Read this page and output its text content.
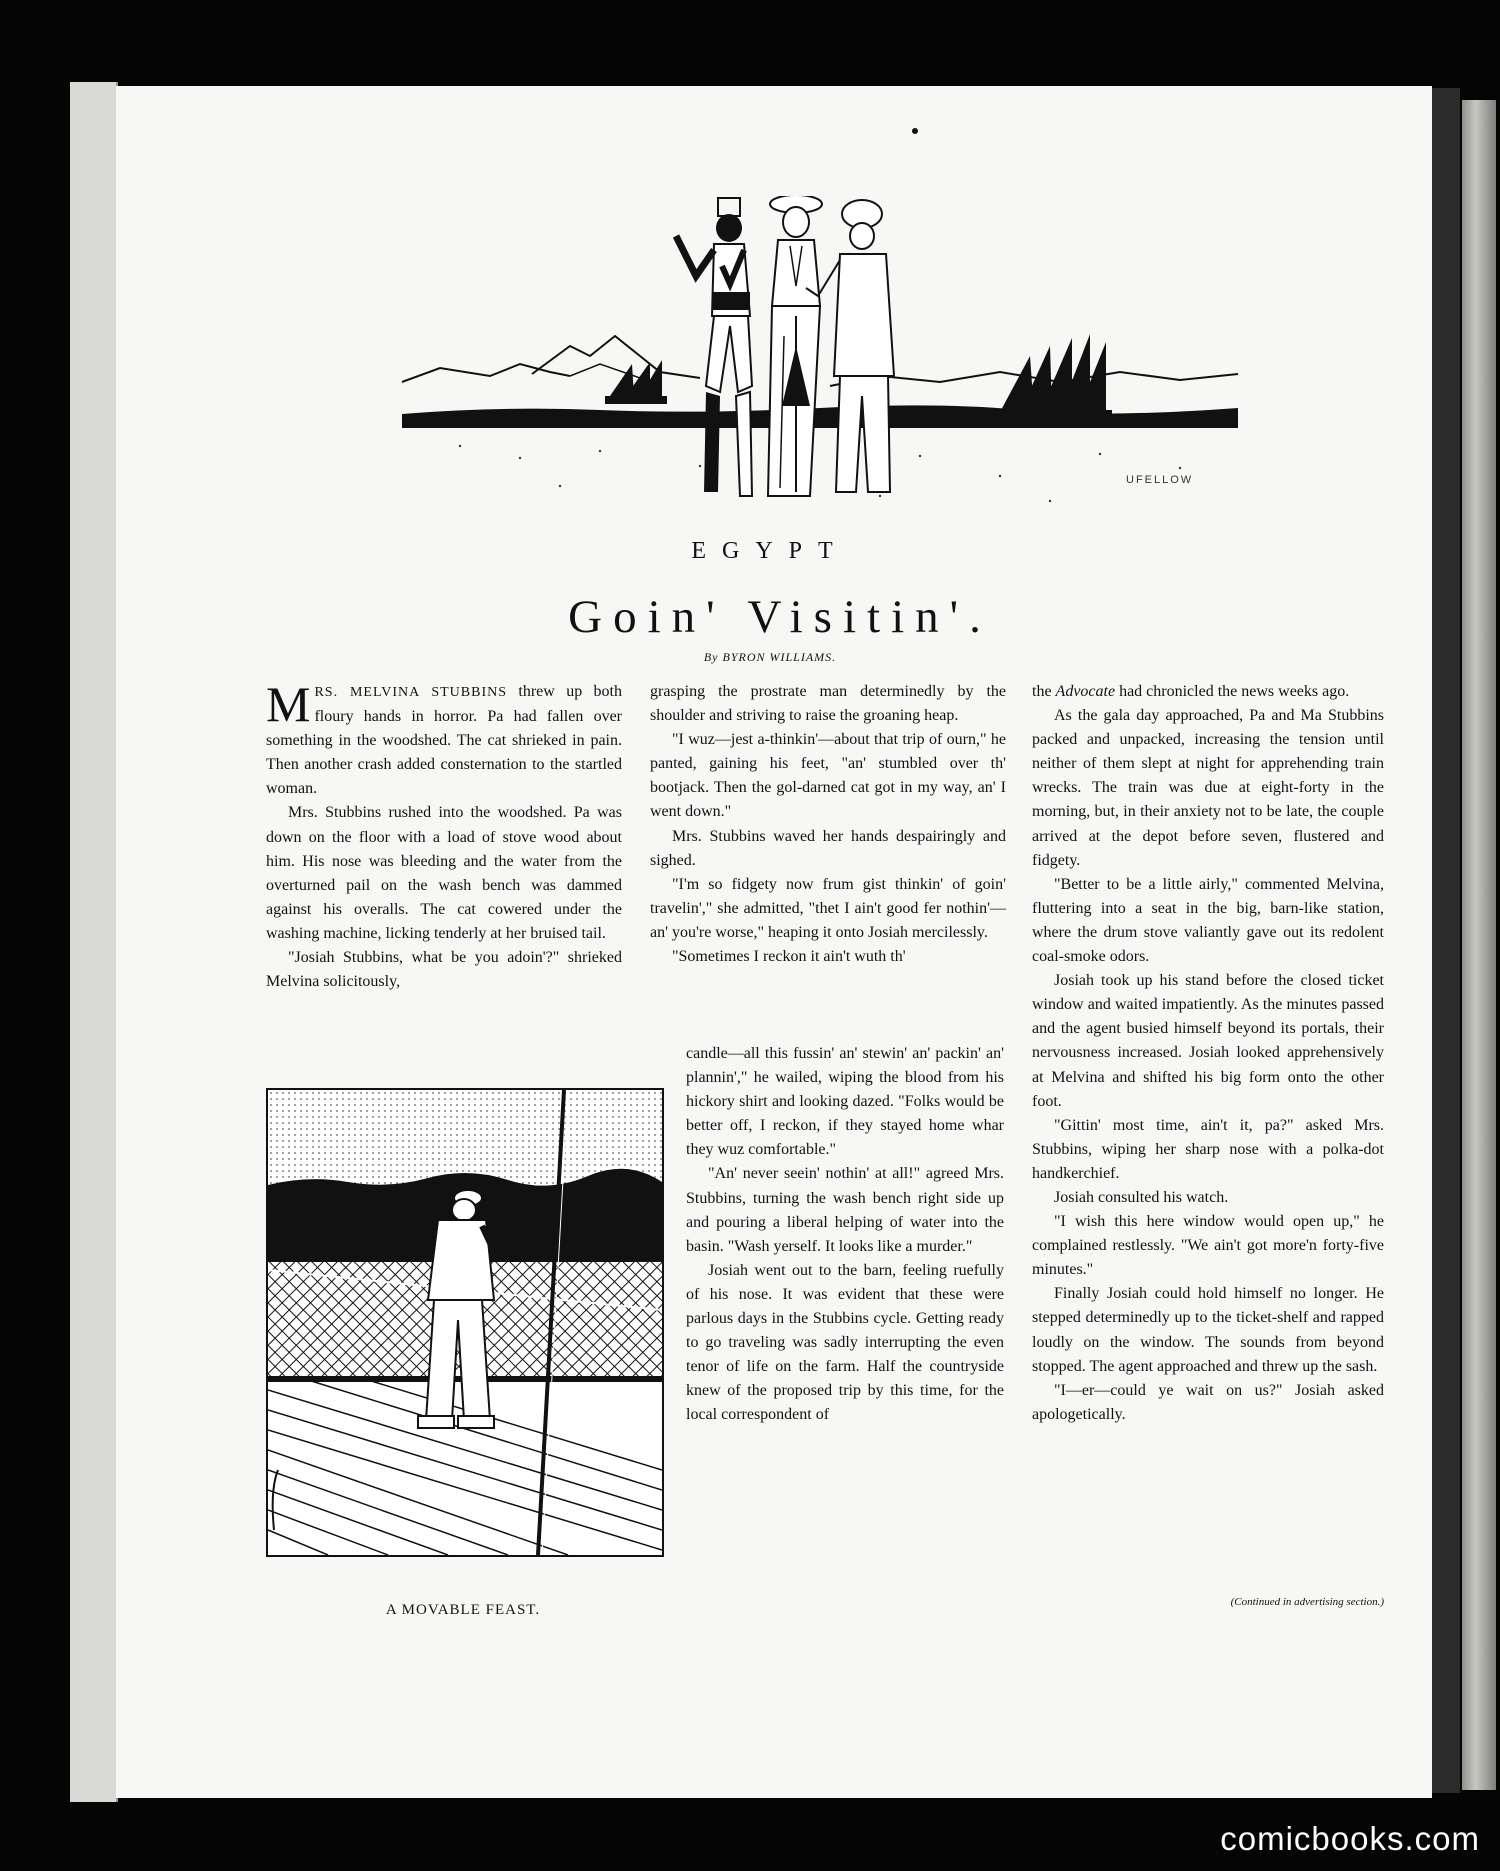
UFELLOW
EGYPT
Goin' Visitin'.
By BYRON WILLIAMS.

MRS. MELVINA STUBBINS threw up both floury hands in horror. Pa had fallen over something in the woodshed. The cat shrieked in pain. Then another crash added consternation to the startled woman.

Mrs. Stubbins rushed into the woodshed. Pa was down on the floor with a load of stove wood about him. His nose was bleeding and the water from the overturned pail on the wash bench was dammed against his overalls. The cat cowered under the washing machine, licking tenderly at her bruised tail.

"Josiah Stubbins, what be you adoin'?" shrieked Melvina solicitously,

A MOVABLE FEAST.

grasping the prostrate man determinedly by the shoulder and striving to raise the groaning heap.

"I wuz—jest a-thinkin'—about that trip of ourn," he panted, gaining his feet, "an' stumbled over th' bootjack. Then the gol-darned cat got in my way, an' I went down."

Mrs. Stubbins waved her hands despairingly and sighed.

"I'm so fidgety now frum gist thinkin' of goin' travelin'," she admitted, "thet I ain't good fer nothin'—an' you're worse," heaping it onto Josiah mercilessly.

"Sometimes I reckon it ain't wuth th'

candle—all this fussin' an' stewin' an' packin' an' plannin'," he wailed, wiping the blood from his hickory shirt and looking dazed. "Folks would be better off, I reckon, if they stayed home whar they wuz comfortable."

"An' never seein' nothin' at all!" agreed Mrs. Stubbins, turning the wash bench right side up and pouring a liberal helping of water into the basin. "Wash yerself. It looks like a murder."

Josiah went out to the barn, feeling ruefully of his nose. It was evident that these were parlous days in the Stubbins cycle. Getting ready to go traveling was sadly interrupting the even tenor of life on the farm. Half the countryside knew of the proposed trip by this time, for the local correspondent of

the Advocate had chronicled the news weeks ago.

As the gala day approached, Pa and Ma Stubbins packed and unpacked, increasing the tension until neither of them slept at night for apprehending train wrecks. The train was due at eight-forty in the morning, but, in their anxiety not to be late, the couple arrived at the depot before seven, flustered and fidgety.

"Better to be a little airly," commented Melvina, fluttering into a seat in the big, barn-like station, where the drum stove valiantly gave out its redolent coal-smoke odors.

Josiah took up his stand before the closed ticket window and waited impatiently. As the minutes passed and the agent busied himself beyond its portals, their nervousness increased. Josiah looked apprehensively at Melvina and shifted his big form onto the other foot.

"Gittin' most time, ain't it, pa?" asked Mrs. Stubbins, wiping her sharp nose with a polka-dot handkerchief.

Josiah consulted his watch.

"I wish this here window would open up," he complained restlessly. "We ain't got more'n forty-five minutes."

Finally Josiah could hold himself no longer. He stepped determinedly up to the ticket-shelf and rapped loudly on the window. The sounds from beyond stopped. The agent approached and threw up the sash.

"I—er—could ye wait on us?" Josiah asked apologetically.

(Continued in advertising section.)
comicbooks.com
